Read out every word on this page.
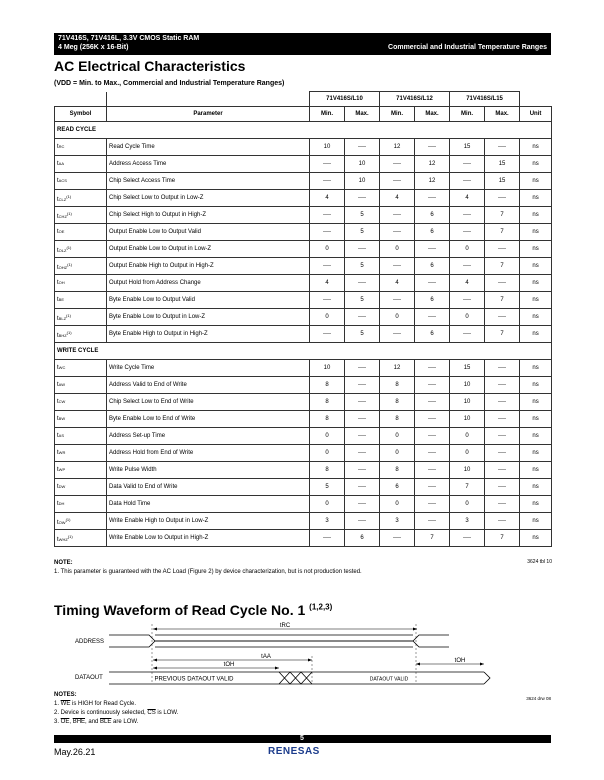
71V416S, 71V416L, 3.3V CMOS Static RAM
4 Meg (256K x 16-Bit)	Commercial and Industrial Temperature Ranges
AC Electrical Characteristics
(VDD = Min. to Max., Commercial and Industrial Temperature Ranges)
		71V416S/L10		71V416S/L12		71V416S/L15		
Symbol	Parameter	Min.	Max.	Min.	Max.	Min.	Max.	Unit
READ CYCLE								
tRC	Read Cycle Time	10	----	12	----	15	----	ns
tAA	Address Access Time	----	10	----	12	----	15	ns
tACS	Chip Select Access Time	----	10	----	12	----	15	ns
tCLZ$^{(1)}$	Chip Select Low to Output in Low-Z	4	----	4	----	4	----	ns
tCHZ$^{(1)}$	Chip Select High to Output in High-Z	----	5	----	6	----	7	ns
tOE	Output Enable Low to Output Valid	----	5	----	6	----	7	ns
tOLZ$^{(1)}$	Output Enable Low to Output in Low-Z	0	----	0	----	0	----	ns
tOHZ$^{(1)}$	Output Enable High to Output in High-Z	----	5	----	6	----	7	ns
tOH	Output Hold from Address Change	4	----	4	----	4	----	ns
tBE	Byte Enable Low to Output Valid	----	5	----	6	----	7	ns
tBLZ$^{(1)}$	Byte Enable Low to Output in Low-Z	0	----	0	----	0	----	ns
tBHZ$^{(1)}$	Byte Enable High to Output in High-Z	----	5	----	6	----	7	ns
WRITE CYCLE								
tWC	Write Cycle Time	10	----	12	----	15	----	ns
tAW	Address Valid to End of Write	8	----	8	----	10	----	ns
tCW	Chip Select Low to End of Write	8	----	8	----	10	----	ns
tBW	Byte Enable Low to End of Write	8	----	8	----	10	----	ns
tAS	Address Set-up Time	0	----	0	----	0	----	ns
tWR	Address Hold from End of Write	0	----	0	----	0	----	ns
tWP	Write Pulse Width	8	----	8	----	10	----	ns
tDW	Data Valid to End of Write	5	----	6	----	7	----	ns
tDH	Data Hold Time	0	----	0	----	0	----	ns
tOW$^{(1)}$	Write Enable High to Output in Low-Z	3	----	3	----	3	----	ns
tWHZ$^{(1)}$	Write Enable Low to Output in High-Z	----	6	----	7	----	7	ns
3624 tbl 10
NOTE:
1. This parameter is guaranteed with the AC Load (Figure 2) by device characterization, but is not production tested.
Timing Waveform of Read Cycle No. 1 $^{(1,2,3)}$
tRC
ADDRESS
tAA
tOH
tOH
DATAOUT	PREVIOUS DATAOUT VALID	DATAOUT VALID
3624 drw 08
NOTES:
1. $\overline{WE}$ is HIGH for Read Cycle.
2. Device is continuously selected, $\overline{CS}$ is LOW.
3. $\overline{OE}$, $\overline{BHE}$, and $\overline{BLE}$ are LOW.
5
May.26.21	RENESAS
